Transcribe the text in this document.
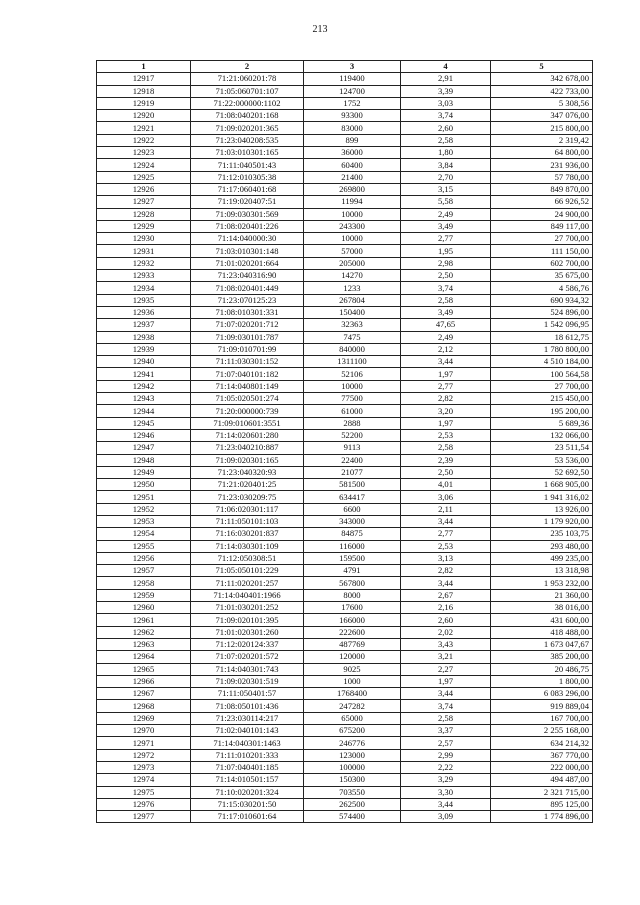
213
1	2	3	4	5
12917	71:21:060201:78	119400	2,91	342 678,00
12918	71:05:060701:107	124700	3,39	422 733,00
12919	71:22:000000:1102	1752	3,03	5 308,56
12920	71:08:040201:168	93300	3,74	347 076,00
12921	71:09:020201:365	83000	2,60	215 800,00
12922	71:23:040208:535	899	2,58	2 319,42
12923	71:03:010301:165	36000	1,80	64 800,00
12924	71:11:040501:43	60400	3,84	231 936,00
12925	71:12:010305:38	21400	2,70	57 780,00
12926	71:17:060401:68	269800	3,15	849 870,00
12927	71:19:020407:51	11994	5,58	66 926,52
12928	71:09:030301:569	10000	2,49	24 900,00
12929	71:08:020401:226	243300	3,49	849 117,00
12930	71:14:040000:30	10000	2,77	27 700,00
12931	71:03:010301:148	57000	1,95	111 150,00
12932	71:01:020201:664	205000	2,98	602 700,00
12933	71:23:040316:90	14270	2,50	35 675,00
12934	71:08:020401:449	1233	3,74	4 586,76
12935	71:23:070125:23	267804	2,58	690 934,32
12936	71:08:010301:331	150400	3,49	524 896,00
12937	71:07:020201:712	32363	47,65	1 542 096,95
12938	71:09:030101:787	7475	2,49	18 612,75
12939	71:09:010701:99	840000	2,12	1 780 800,00
12940	71:11:030301:152	1311100	3,44	4 510 184,00
12941	71:07:040101:182	52106	1,97	100 564,58
12942	71:14:040801:149	10000	2,77	27 700,00
12943	71:05:020501:274	77500	2,82	215 450,00
12944	71:20:000000:739	61000	3,20	195 200,00
12945	71:09:010601:3551	2888	1,97	5 689,36
12946	71:14:020601:280	52200	2,53	132 066,00
12947	71:23:040210:887	9113	2,58	23 511,54
12948	71:09:020301:165	22400	2,39	53 536,00
12949	71:23:040320:93	21077	2,50	52 692,50
12950	71:21:020401:25	581500	4,01	1 668 905,00
12951	71:23:030209:75	634417	3,06	1 941 316,02
12952	71:06:020301:117	6600	2,11	13 926,00
12953	71:11:050101:103	343000	3,44	1 179 920,00
12954	71:16:030201:837	84875	2,77	235 103,75
12955	71:14:030301:109	116000	2,53	293 480,00
12956	71:12:050308:51	159500	3,13	499 235,00
12957	71:05:050101:229	4791	2,82	13 318,98
12958	71:11:020201:257	567800	3,44	1 953 232,00
12959	71:14:040401:1966	8000	2,67	21 360,00
12960	71:01:030201:252	17600	2,16	38 016,00
12961	71:09:020101:395	166000	2,60	431 600,00
12962	71:01:020301:260	222600	2,02	418 488,00
12963	71:12:020124:337	487769	3,43	1 673 047,67
12964	71:07:020201:572	120000	3,21	385 200,00
12965	71:14:040301:743	9025	2,27	20 486,75
12966	71:09:020301:519	1000	1,97	1 800,00
12967	71:11:050401:57	1768400	3,44	6 083 296,00
12968	71:08:050101:436	247282	3,74	919 889,04
12969	71:23:030114:217	65000	2,58	167 700,00
12970	71:02:040101:143	675200	3,37	2 255 168,00
12971	71:14:040301:1463	246776	2,57	634 214,32
12972	71:11:010201:333	123000	2,99	367 770,00
12973	71:07:040401:185	100000	2,22	222 000,00
12974	71:14:010501:157	150300	3,29	494 487,00
12975	71:10:020201:324	703550	3,30	2 321 715,00
12976	71:15:030201:50	262500	3,44	895 125,00
12977	71:17:010601:64	574400	3,09	1 774 896,00
